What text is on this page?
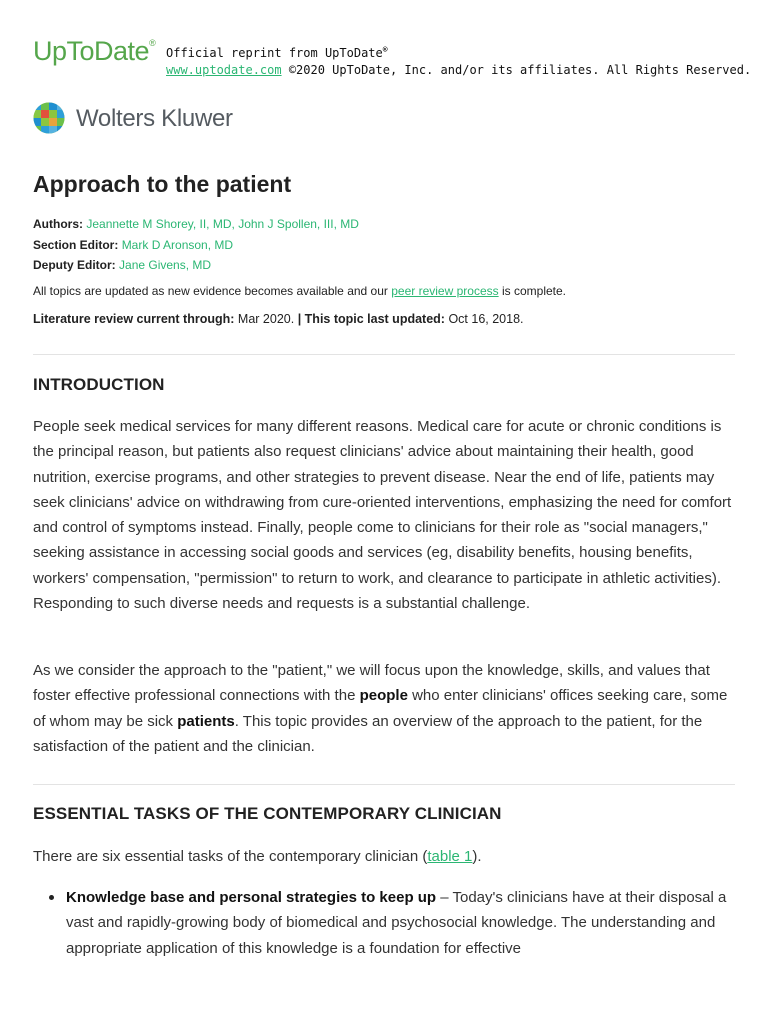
UpToDate®
Official reprint from UpToDate®
www.uptodate.com ©2020 UpToDate, Inc. and/or its affiliates. All Rights Reserved.
Wolters Kluwer
Approach to the patient
Authors: Jeannette M Shorey, II, MD, John J Spollen, III, MD
Section Editor: Mark D Aronson, MD
Deputy Editor: Jane Givens, MD
All topics are updated as new evidence becomes available and our peer review process is complete.
Literature review current through: Mar 2020. | This topic last updated: Oct 16, 2018.
INTRODUCTION

People seek medical services for many different reasons. Medical care for acute or chronic conditions is the principal reason, but patients also request clinicians' advice about maintaining their health, good nutrition, exercise programs, and other strategies to prevent disease. Near the end of life, patients may seek clinicians' advice on withdrawing from cure-oriented interventions, emphasizing the need for comfort and control of symptoms instead. Finally, people come to clinicians for their role as "social managers," seeking assistance in accessing social goods and services (eg, disability benefits, housing benefits, workers' compensation, "permission" to return to work, and clearance to participate in athletic activities). Responding to such diverse needs and requests is a substantial challenge.

As we consider the approach to the "patient," we will focus upon the knowledge, skills, and values that foster effective professional connections with the people who enter clinicians' offices seeking care, some of whom may be sick patients. This topic provides an overview of the approach to the patient, for the satisfaction of the patient and the clinician.

ESSENTIAL TASKS OF THE CONTEMPORARY CLINICIAN

There are six essential tasks of the contemporary clinician (table 1).

Knowledge base and personal strategies to keep up – Today's clinicians have at their disposal a vast and rapidly-growing body of biomedical and psychosocial knowledge. The understanding and appropriate application of this knowledge is a foundation for effective
